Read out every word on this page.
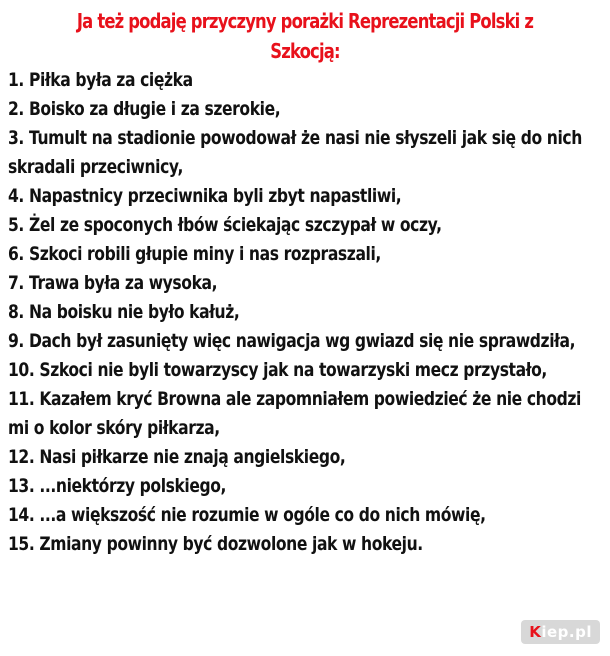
Ja też podaję przyczyny porażki Reprezentacji Polski z Szkocją:
1. Piłka była za ciężka
2. Boisko za długie i za szerokie,
3. Tumult na stadionie powodował że nasi nie słyszeli jak się do nich skradali przeciwnicy,
4. Napastnicy przeciwnika byli zbyt napastliwi,
5. Żel ze spoconych łbów ściekając szczypał w oczy,
6. Szkoci robili głupie miny i nas rozpraszali,
7. Trawa była za wysoka,
8. Na boisku nie było kałuż,
9. Dach był zasunięty więc nawigacja wg gwiazd się nie sprawdziła,
10. Szkoci nie byli towarzyscy jak na towarzyski mecz przystało,
11. Kazałem kryć Browna ale zapomniałem powiedzieć że nie chodzi mi o kolor skóry piłkarza,
12. Nasi piłkarze nie znają angielskiego,
13. ...niektórzy polskiego,
14. ...a większość nie rozumie w ogóle co do nich mówię,
15. Zmiany powinny być dozwolone jak w hokeju.
Kiep.pl
